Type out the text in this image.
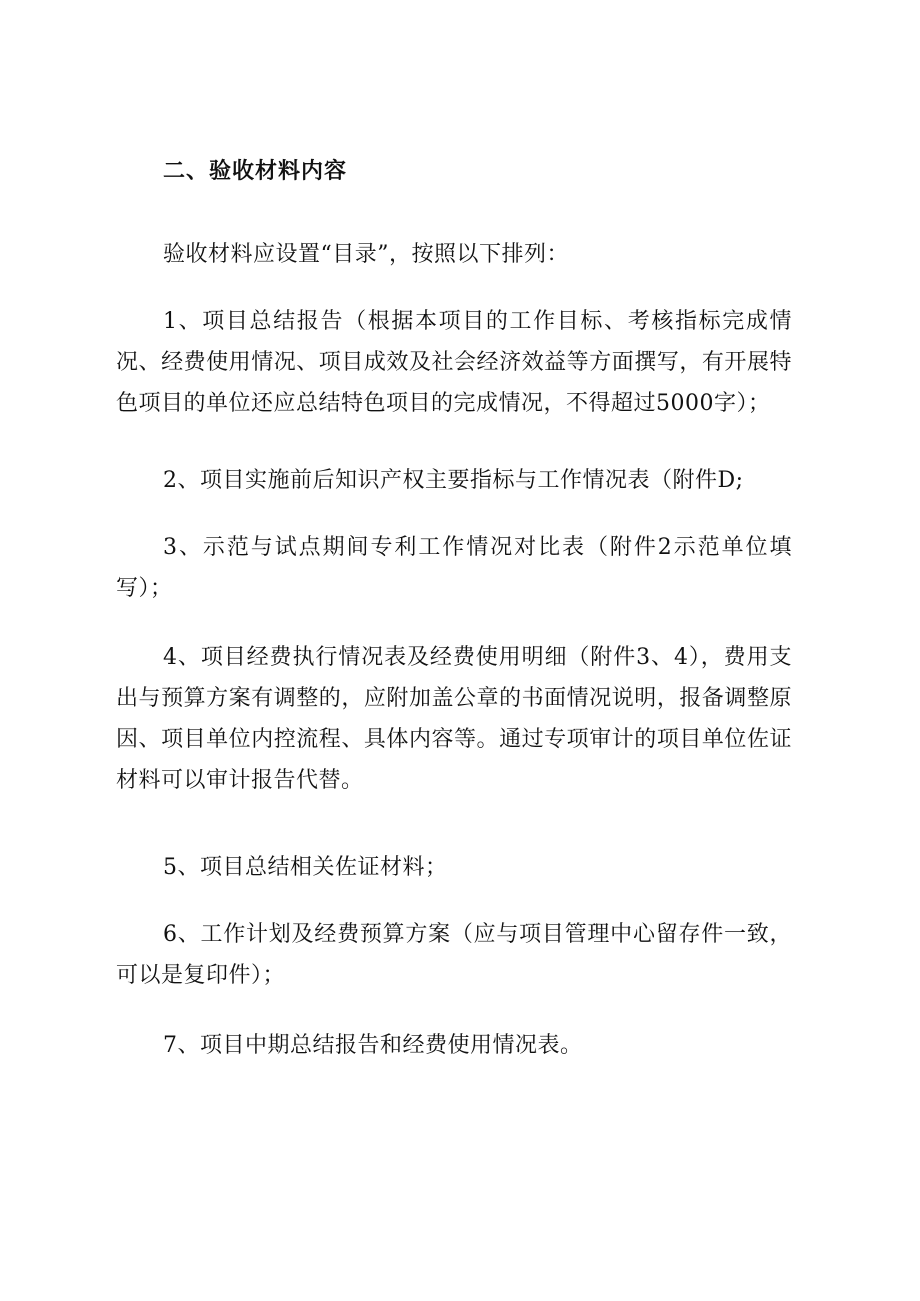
二、验收材料内容

验收材料应设置“目录”，按照以下排列：

1、项目总结报告（根据本项目的工作目标、考核指标完成情况、经费使用情况、项目成效及社会经济效益等方面撰写，有开展特色项目的单位还应总结特色项目的完成情况，不得超过5000字）；

2、项目实施前后知识产权主要指标与工作情况表（附件D;

3、示范与试点期间专利工作情况对比表（附件2示范单位填写）；

4、项目经费执行情况表及经费使用明细（附件3、4），费用支出与预算方案有调整的，应附加盖公章的书面情况说明，报备调整原因、项目单位内控流程、具体内容等。通过专项审计的项目单位佐证材料可以审计报告代替。

5、项目总结相关佐证材料；

6、工作计划及经费预算方案（应与项目管理中心留存件一致，可以是复印件）；

7、项目中期总结报告和经费使用情况表。
